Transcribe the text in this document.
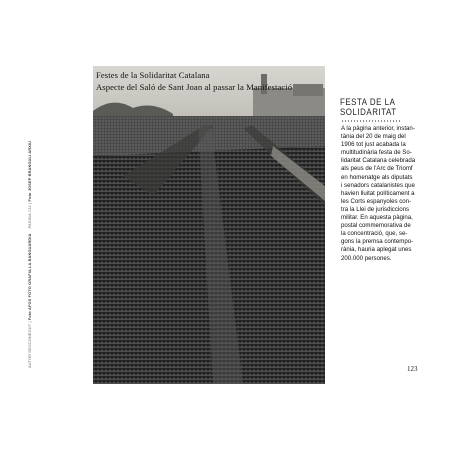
Festes de la Solidaritat Catalana
Aspecte del Saló de Sant Joan al passar la Manifestació
FESTA DE LA
SOLIDARITAT

A la pàgina anterior, instan-
tània del 20 de maig del
1906 tot just acabada la
multitudinària festa de So-
lidaritat Catalana celebrada
als peus de l'Arc de Triomf
en homenatge als diputats
i senadors catalanistes que
havien lluitat políticament a
les Corts espanyoles con-
tra la Llei de jurisdiccions
militar. En aquesta pàgina,
postal commemorativa de
la concentració, que, se-
gons la premsa contempo-
rània, hauria aplegat unes
200.000 persones.

123
AUTOR DESCONEGUT | Foto AFOS FOTO GRAFIA LA BANGUARDIA    PAGINA 122 | Foto JOSEP BRANGULI ARXIU
